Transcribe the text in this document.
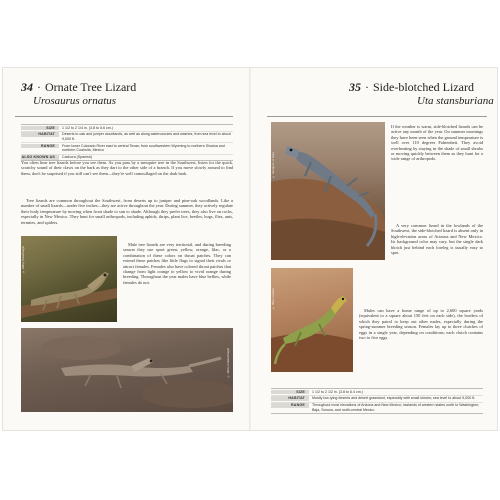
34 · Ornate Tree Lizard
Urosaurus ornatus
SIZE	1 1/2 to 2 1/4 in. (3.8 to 5.6 cm.)
HABITAT	Deserts to oak and juniper woodlands, as well as along watercourses and washes, from sea level to about 9,000 ft.
RANGE	From lower Colorado River east to central Texas; from southwestern Wyoming to northern Sinaloa and northern Coahuila, Mexico
ALSO KNOWN AS	Cachora (Spanish)

You often hear tree lizards before you see them. As you pass by a mesquite tree in the Southwest, listen for the quick, scratchy sound of their claws on the bark as they dart to the other side of a branch. If you move slowly around to find them, don't be surprised if you still can't see them—they're well camouflaged on the dark bark.

Tree lizards are common throughout the Southwest, from deserts up to juniper and pine-oak woodlands. Like a number of small lizards—under five inches—they are active throughout the year. During summer, they actively regulate their body temperature by moving when front shade to sun to shade. Although they prefer trees, they also live on rocks, especially in New Mexico. They hunt for small arthropods, including aphids, thrips, plant lice, beetles, bugs, flies, ants, termites, and spiders.

© Jeffrey Rowe/Insight

Male tree lizards are very territorial, and during breeding season they use sport green, yellow, orange, lilac, or a combination of these colors on throat patches. They can extend these patches like little flags to signal their rivals or attract females. Females also have colored throat patches that change from light orange to yellow to vivid orange during breeding. Throughout the year males have blue bellies, while females do not.

© Marty Cordano/Insight
35 · Side-blotched Lizard
Uta stansburiana
© George H. H. Huey

If the weather is warm, side-blotched lizards can be active any month of the year. On summer mornings they have been seen when the ground temperature is well over 110 degrees Fahrenheit. They avoid overheating by staying in the shade of small shrubs or moving quickly between them as they hunt for a wide range of arthropods.

A very common lizard in the lowlands of the Southwest, the side-blotched lizard is absent only in high-elevation areas of Arizona and New Mexico. Its background color may vary, but the single dark blotch just behind each foreleg is usually easy to spot.

© Marty Cordano

Males can have a home range of up to 2,600 square yards (equivalent to a square about 150 feet on each side), the borders of which they patrol to keep out other males, especially during the spring-summer breeding season. Females lay up to three clutches of eggs in a single year, depending on conditions; each clutch contains two to five eggs.

SIZE	1 1/2 to 2 1/2 in. (3.8 to 6.4 cm.)
HABITAT	Mostly low-lying deserts and desert grassland, especially with small shrubs; sea level to about 9,000 ft.
RANGE	Throughout most elevations of Arizona and New Mexico; lowlands of western states north to Washington; Baja, Sonora, and north-central Mexico
